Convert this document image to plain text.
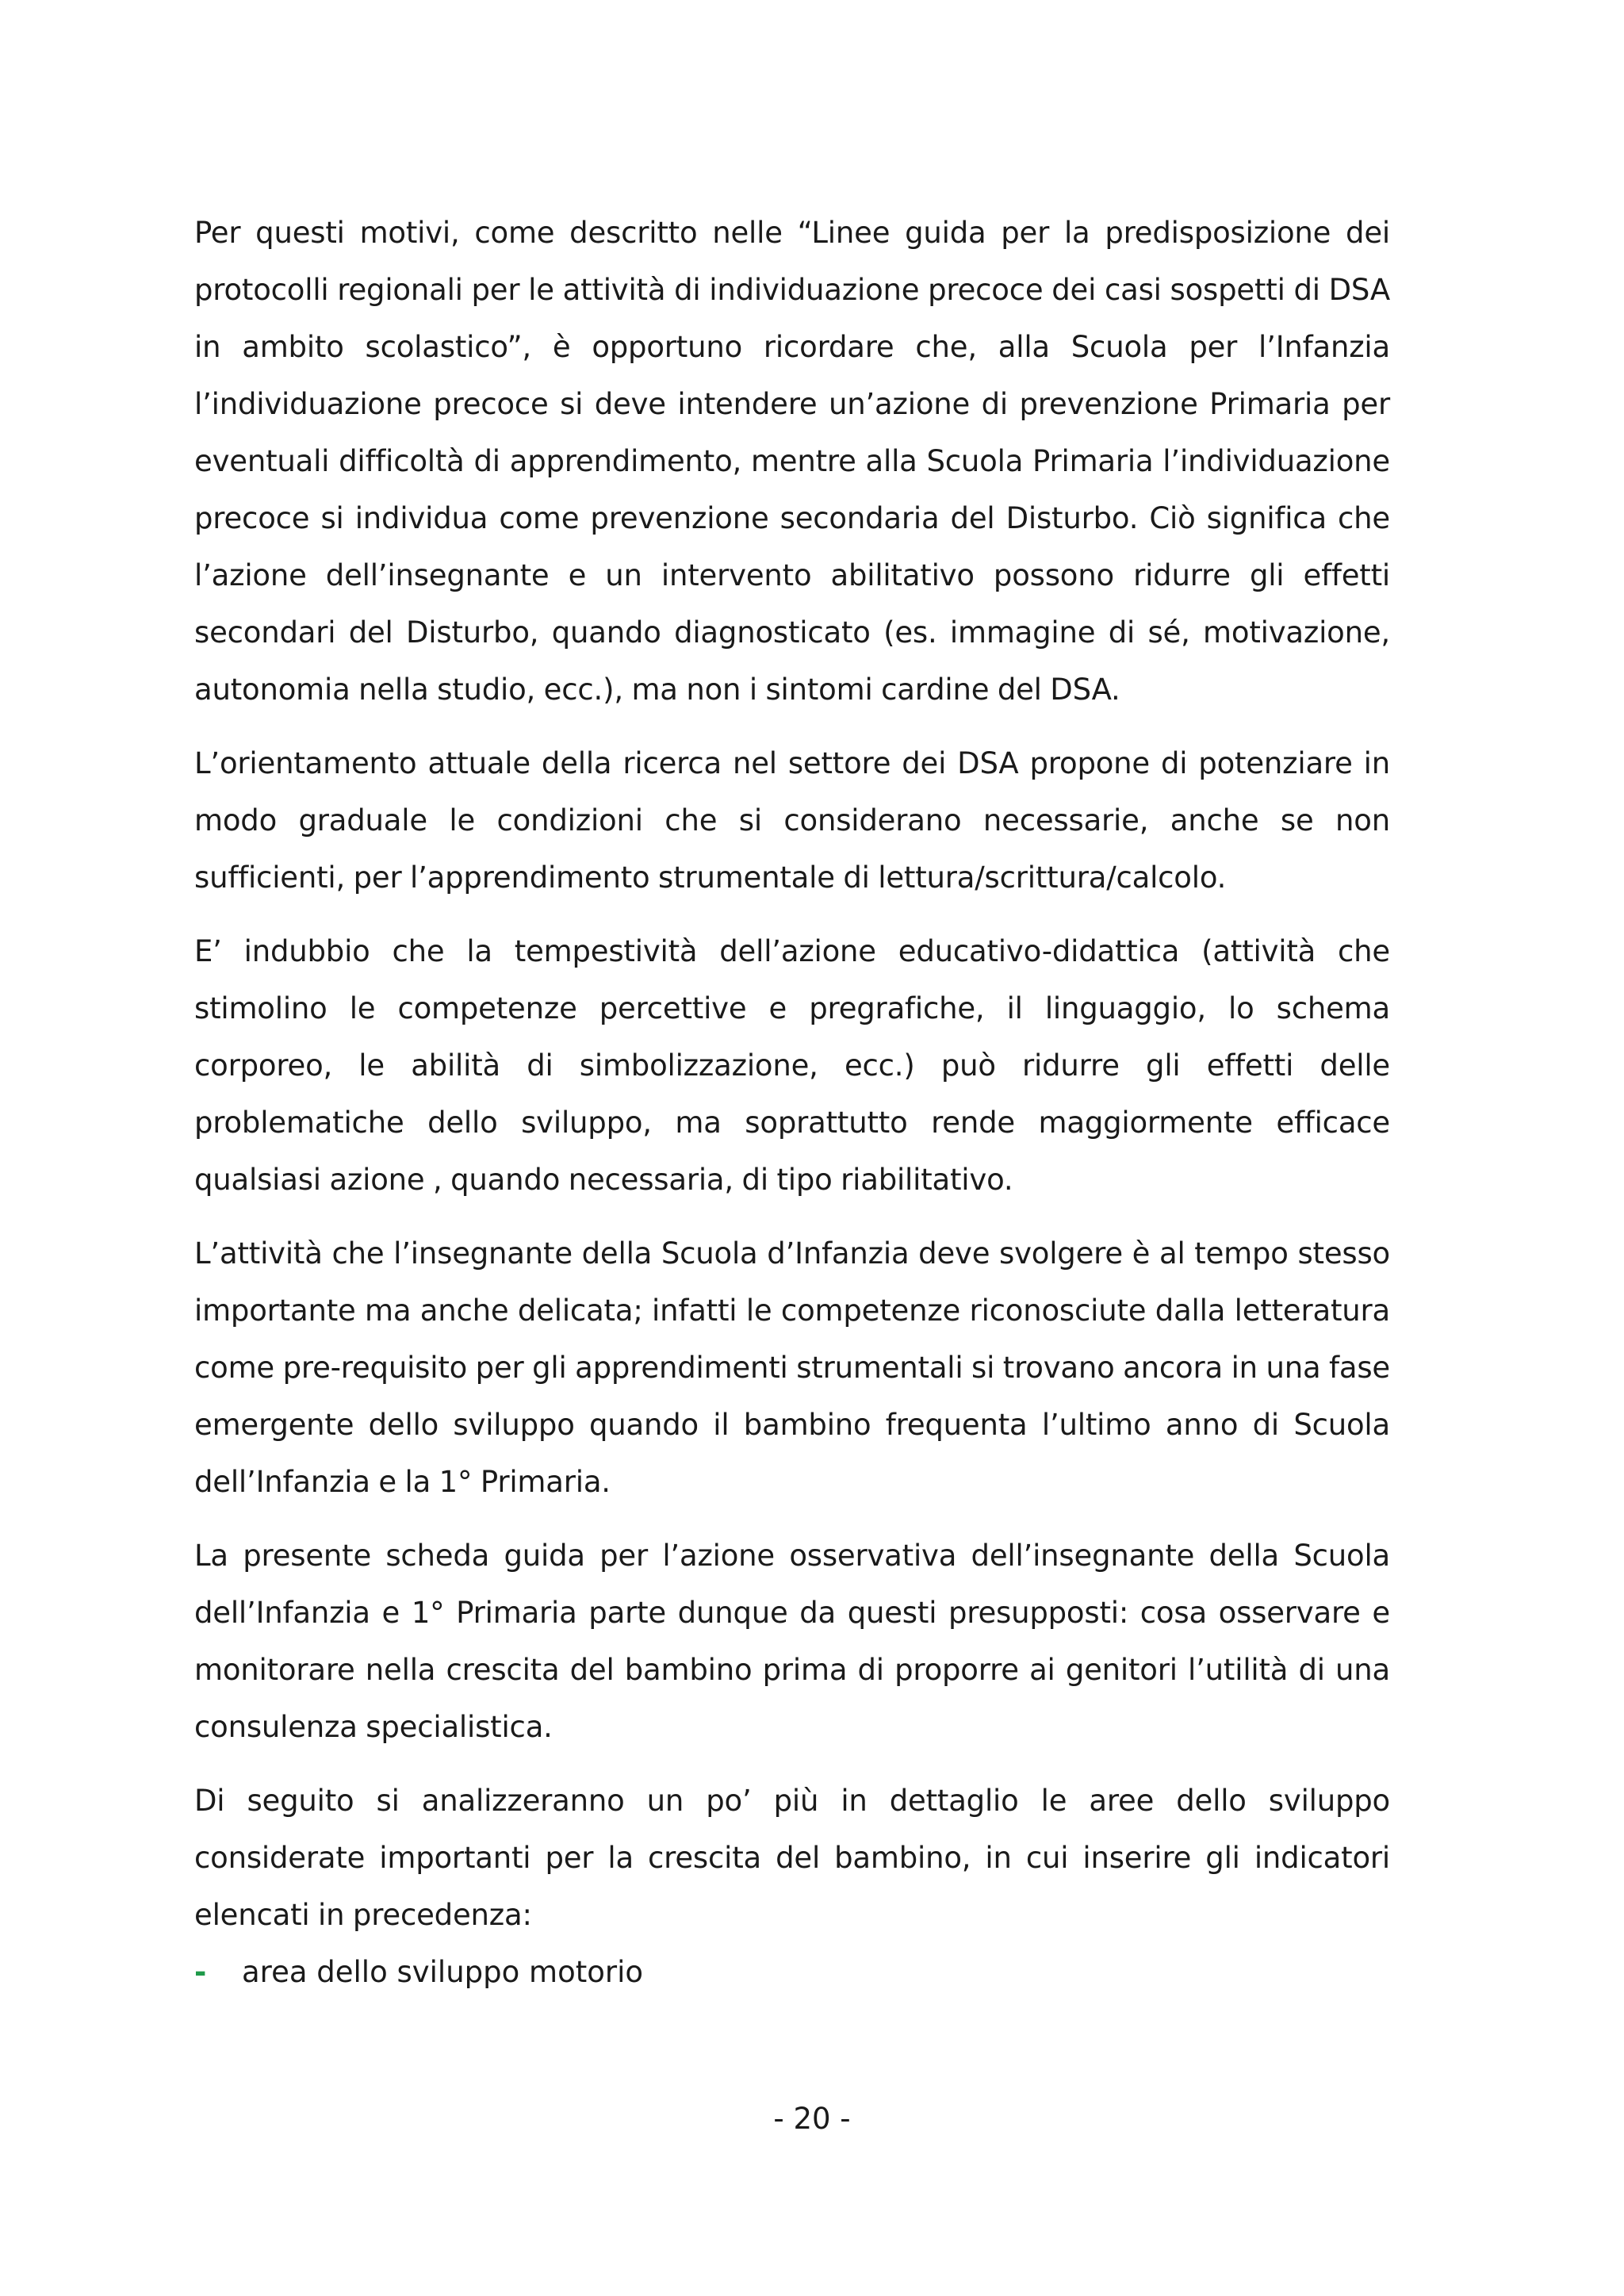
Per questi motivi, come descritto nelle “Linee guida per la predisposizione dei protocolli regionali per le attività di individuazione precoce dei casi sospetti di DSA in ambito scolastico”, è opportuno ricordare che, alla Scuola per l’Infanzia l’individuazione precoce si deve intendere un’azione di prevenzione Primaria per eventuali difficoltà di apprendimento, mentre alla Scuola Primaria l’individuazione precoce si individua come prevenzione secondaria del Disturbo. Ciò significa che l’azione dell’insegnante e un intervento abilitativo possono ridurre gli effetti secondari del Disturbo, quando diagnosticato (es. immagine di sé, motivazione, autonomia nella studio, ecc.), ma non i sintomi cardine del DSA.

L’orientamento attuale della ricerca nel settore dei DSA propone di potenziare in modo graduale le condizioni che si considerano necessarie, anche se non sufficienti, per l’apprendimento strumentale di lettura/scrittura/calcolo.

E’ indubbio che la tempestività dell’azione educativo-didattica (attività che stimolino le competenze percettive e pregrafiche, il linguaggio, lo schema corporeo, le abilità di simbolizzazione, ecc.) può ridurre gli effetti delle problematiche dello sviluppo, ma soprattutto rende maggiormente efficace qualsiasi azione , quando necessaria, di tipo riabilitativo.

L’attività che l’insegnante della Scuola d’Infanzia deve svolgere è al tempo stesso importante ma anche delicata; infatti le competenze riconosciute dalla letteratura come pre-requisito per gli apprendimenti strumentali si trovano ancora in una fase emergente dello sviluppo quando il bambino frequenta l’ultimo anno di Scuola dell’Infanzia e la 1° Primaria.

La presente scheda guida per l’azione osservativa dell’insegnante della Scuola dell’Infanzia e 1° Primaria parte dunque da questi presupposti: cosa osservare e monitorare nella crescita del bambino prima di proporre ai genitori l’utilità di una consulenza specialistica.

Di seguito si analizzeranno un po’ più in dettaglio le aree dello sviluppo considerate importanti per la crescita del bambino, in cui inserire gli indicatori elencati in precedenza:

-	area dello sviluppo motorio
- 20 -
